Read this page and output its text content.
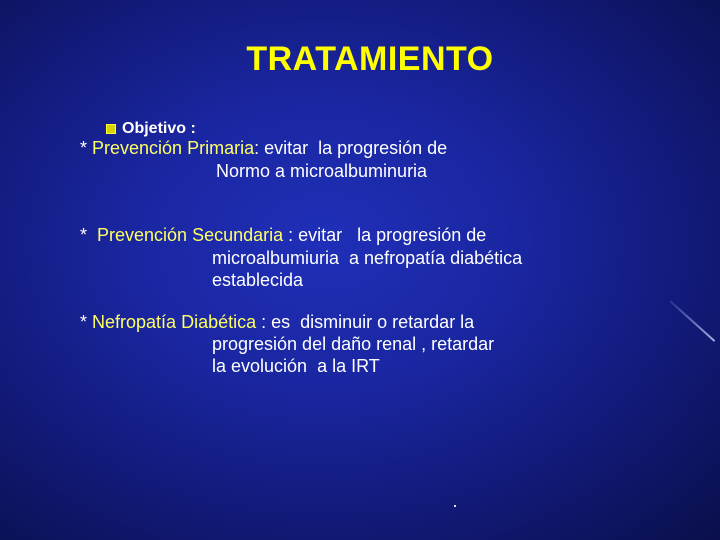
TRATAMIENTO
Objetivo :
* Prevención Primaria: evitar  la progresión de
Normo a microalbuminuria
*  Prevención Secundaria : evitar   la progresión de
microalbumiuria  a nefropatía diabética
establecida
* Nefropatía Diabética : es  disminuir o retardar la
progresión del daño renal , retardar
la evolución  a la IRT
